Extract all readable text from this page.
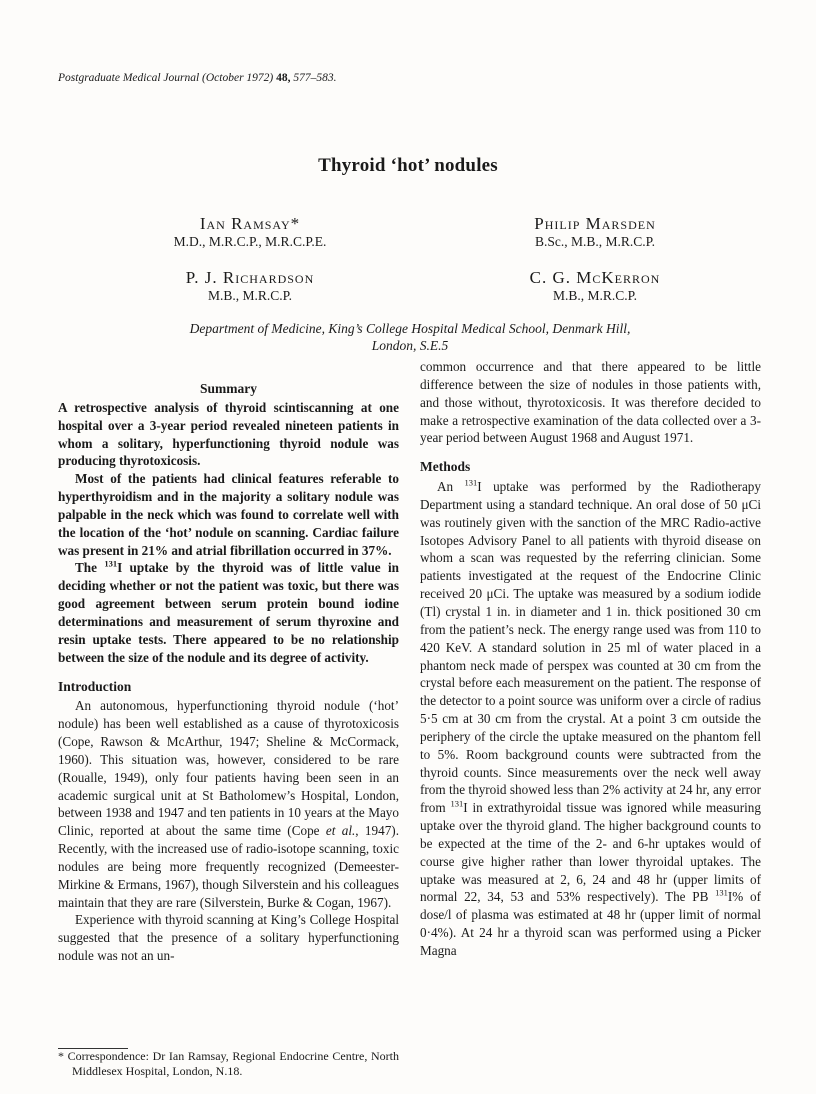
Postgraduate Medical Journal (October 1972) 48, 577–583.
Thyroid ‘hot’ nodules
Ian Ramsay*
M.D., M.R.C.P., M.R.C.P.E.
Philip Marsden
B.Sc., M.B., M.R.C.P.
P. J. Richardson
M.B., M.R.C.P.
C. G. McKerron
M.B., M.R.C.P.
Department of Medicine, King’s College Hospital Medical School, Denmark Hill,
London, S.E.5
Summary

A retrospective analysis of thyroid scintiscanning at one hospital over a 3-year period revealed nineteen patients in whom a solitary, hyperfunctioning thyroid nodule was producing thyrotoxicosis.

Most of the patients had clinical features referable to hyperthyroidism and in the majority a solitary nodule was palpable in the neck which was found to correlate well with the location of the ‘hot’ nodule on scanning. Cardiac failure was present in 21% and atrial fibrillation occurred in 37%.

The $^{131}$I uptake by the thyroid was of little value in deciding whether or not the patient was toxic, but there was good agreement between serum protein bound iodine determinations and measurement of serum thyroxine and resin uptake tests. There appeared to be no relationship between the size of the nodule and its degree of activity.

Introduction

An autonomous, hyperfunctioning thyroid nodule (‘hot’ nodule) has been well established as a cause of thyrotoxicosis (Cope, Rawson & McArthur, 1947; Sheline & McCormack, 1960). This situation was, however, considered to be rare (Roualle, 1949), only four patients having been seen in an academic surgical unit at St Batholomew’s Hospital, London, between 1938 and 1947 and ten patients in 10 years at the Mayo Clinic, reported at about the same time (Cope et al., 1947). Recently, with the increased use of radio-isotope scanning, toxic nodules are being more frequently recognized (Demeester-Mirkine & Ermans, 1967), though Silverstein and his colleagues maintain that they are rare (Silverstein, Burke & Cogan, 1967).

Experience with thyroid scanning at King’s College Hospital suggested that the presence of a solitary hyperfunctioning nodule was not an un-

* Correspondence: Dr Ian Ramsay, Regional Endocrine Centre, North Middlesex Hospital, London, N.18.

common occurrence and that there appeared to be little difference between the size of nodules in those patients with, and those without, thyrotoxicosis. It was therefore decided to make a retrospective examination of the data collected over a 3-year period between August 1968 and August 1971.

Methods

An $^{131}$I uptake was performed by the Radiotherapy Department using a standard technique. An oral dose of 50 μCi was routinely given with the sanction of the MRC Radio-active Isotopes Advisory Panel to all patients with thyroid disease on whom a scan was requested by the referring clinician. Some patients investigated at the request of the Endocrine Clinic received 20 μCi. The uptake was measured by a sodium iodide (Tl) crystal 1 in. in diameter and 1 in. thick positioned 30 cm from the patient’s neck. The energy range used was from 110 to 420 KeV. A standard solution in 25 ml of water placed in a phantom neck made of perspex was counted at 30 cm from the crystal before each measurement on the patient. The response of the detector to a point source was uniform over a circle of radius 5·5 cm at 30 cm from the crystal. At a point 3 cm outside the periphery of the circle the uptake measured on the phantom fell to 5%. Room background counts were subtracted from the thyroid counts. Since measurements over the neck well away from the thyroid showed less than 2% activity at 24 hr, any error from $^{131}$I in extrathyroidal tissue was ignored while measuring uptake over the thyroid gland. The higher background counts to be expected at the time of the 2- and 6-hr uptakes would of course give higher rather than lower thyroidal uptakes. The uptake was measured at 2, 6, 24 and 48 hr (upper limits of normal 22, 34, 53 and 53% respectively). The PB $^{131}$I% of dose/l of plasma was estimated at 48 hr (upper limit of normal 0·4%). At 24 hr a thyroid scan was performed using a Picker Magna
